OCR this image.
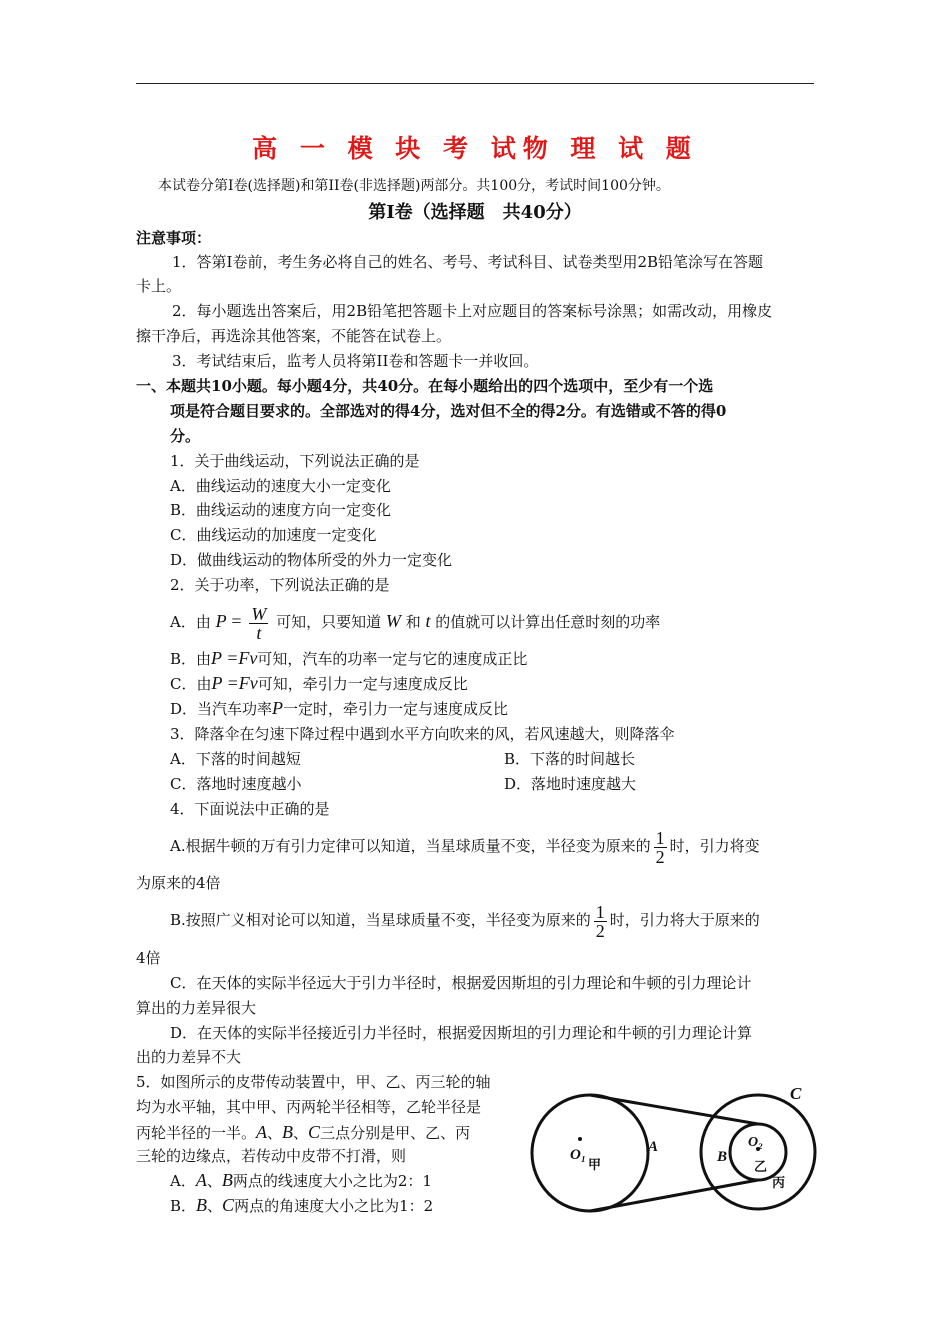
高 一 模 块 考 试物 理 试 题
本试卷分第Ⅰ卷(选择题)和第II卷(非选择题)两部分。共100分，考试时间100分钟。
第Ⅰ卷（选择题　共40分）
注意事项：
1．答第Ⅰ卷前，考生务必将自己的姓名、考号、考试科目、试卷类型用2B铅笔涂写在答题
卡上。
2．每小题选出答案后，用2B铅笔把答题卡上对应题目的答案标号涂黑；如需改动，用橡皮
擦干净后，再选涂其他答案，不能答在试卷上。
3．考试结束后，监考人员将第II卷和答题卡一并收回。
一、本题共10小题。每小题4分，共40分。在每小题给出的四个选项中，至少有一个选
项是符合题目要求的。全部选对的得4分，选对但不全的得2分。有选错或不答的得0
分。
1．关于曲线运动，下列说法正确的是
A．曲线运动的速度大小一定变化
B．曲线运动的速度方向一定变化
C．曲线运动的加速度一定变化
D．做曲线运动的物体所受的外力一定变化
2．关于功率，下列说法正确的是
A．由 $P = \frac{W}{t}$ 可知，只要知道 W 和 t 的值就可以计算出任意时刻的功率
B．由P =Fv可知，汽车的功率一定与它的速度成正比
C．由P =Fv可知，牵引力一定与速度成反比
D．当汽车功率P一定时，牵引力一定与速度成反比
3．降落伞在匀速下降过程中遇到水平方向吹来的风，若风速越大，则降落伞
A．下落的时间越短	B．下落的时间越长
C．落地时速度越小	D．落地时速度越大
4．下面说法中正确的是
A.根据牛顿的万有引力定律可以知道，当星球质量不变，半径变为原来的 $\frac{1}{2}$ 时，引力将变
为原来的4倍
B.按照广义相对论可以知道，当星球质量不变，半径变为原来的 $\frac{1}{2}$ 时，引力将大于原来的
4倍
C．在天体的实际半径远大于引力半径时，根据爱因斯坦的引力理论和牛顿的引力理论计
算出的力差异很大
D．在天体的实际半径接近引力半径时，根据爱因斯坦的引力理论和牛顿的引力理论计算
出的力差异不大
5．如图所示的皮带传动装置中，甲、乙、丙三轮的轴
均为水平轴，其中甲、丙两轮半径相等，乙轮半径是
丙轮半径的一半。A、B、C三点分别是甲、乙、丙
三轮的边缘点，若传动中皮带不打滑，则
A．A、B两点的线速度大小之比为2：1
B．B、C两点的角速度大小之比为1：2
C
A
B
O₁
甲
O₂
乙
丙
